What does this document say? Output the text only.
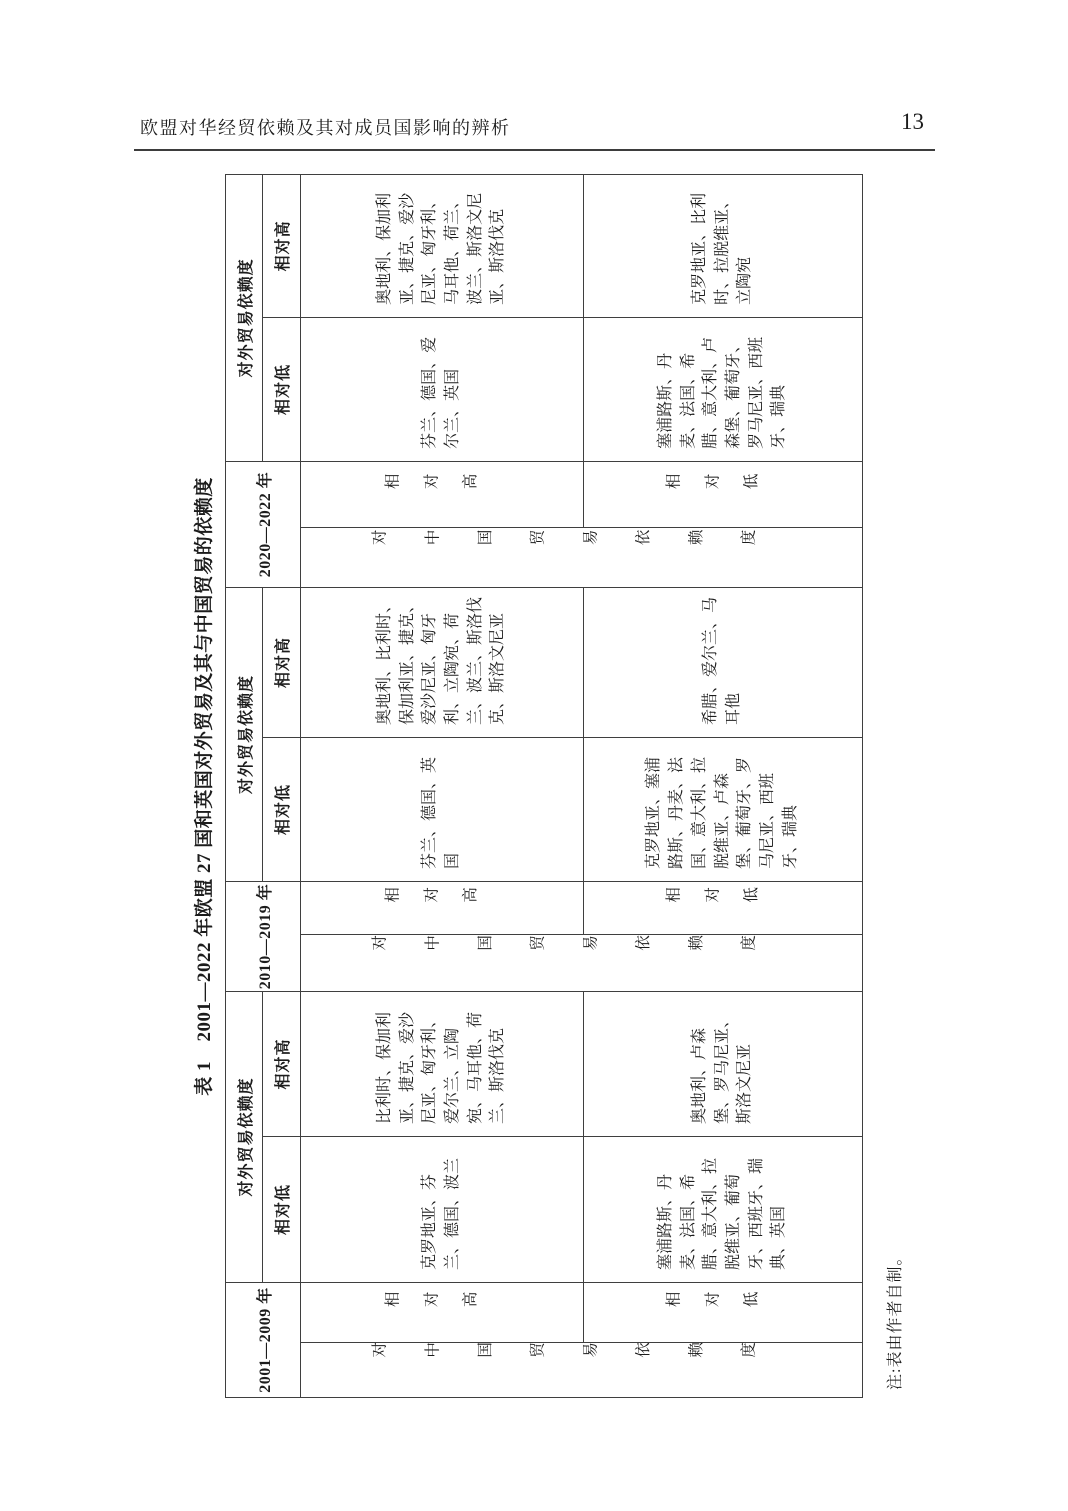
欧盟对华经贸依赖及其对成员国影响的辨析	13
表 1　2001—2022 年欧盟 27 国和英国对外贸易及其与中国贸易的依赖度
2001—2009 年		对外贸易依赖度		2010—2019 年		对外贸易依赖度		2020—2022 年		对外贸易依赖度	
		相对低	相对高			相对低	相对高			相对低	相对高
对中国贸易依赖度	相对高	克罗地亚、芬兰、德国、波兰	比利时、保加利亚、捷克、爱沙尼亚、匈牙利、爱尔兰、立陶宛、马耳他、荷兰、斯洛伐克	对中国贸易依赖度	相对高	芬兰、德国、英国	奥地利、比利时、保加利亚、捷克、爱沙尼亚、匈牙利、立陶宛、荷兰、波兰、斯洛伐克、斯洛文尼亚	对中国贸易依赖度	相对高	芬兰、德国、爱尔兰、英国	奥地利、保加利亚、捷克、爱沙尼亚、匈牙利、马耳他、荷兰、波兰、斯洛文尼亚、斯洛伐克
	相对低	塞浦路斯、丹麦、法国、希腊、意大利、拉脱维亚、葡萄牙、西班牙、瑞典、英国	奥地利、卢森堡、罗马尼亚、斯洛文尼亚		相对低	克罗地亚、塞浦路斯、丹麦、法国、意大利、拉脱维亚、卢森堡、葡萄牙、罗马尼亚、西班牙、瑞典	希腊、爱尔兰、马耳他		相对低	塞浦路斯、丹麦、法国、希腊、意大利、卢森堡、葡萄牙、罗马尼亚、西班牙、瑞典	克罗地亚、比利时、拉脱维亚、立陶宛
注:表由作者自制。
